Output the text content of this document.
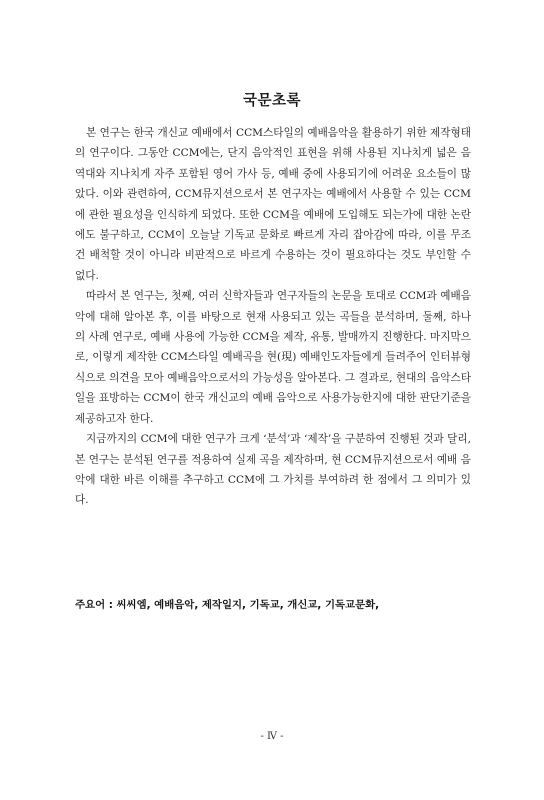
국문초록

본 연구는 한국 개신교 예배에서 CCM스타일의 예배음악을 활용하기 위한 제작형태의 연구이다. 그동안 CCM에는, 단지 음악적인 표현을 위해 사용된 지나치게 넓은 음역대와 지나치게 자주 포함된 영어 가사 등, 예배 중에 사용되기에 어려운 요소들이 많았다. 이와 관련하여, CCM뮤지션으로서 본 연구자는 예배에서 사용할 수 있는 CCM에 관한 필요성을 인식하게 되었다. 또한 CCM을 예배에 도입해도 되는가에 대한 논란에도 불구하고, CCM이 오늘날 기독교 문화로 빠르게 자리 잡아감에 따라, 이를 무조건 배척할 것이 아니라 비판적으로 바르게 수용하는 것이 필요하다는 것도 부인할 수 없다.

따라서 본 연구는, 첫째, 여러 신학자들과 연구자들의 논문을 토대로 CCM과 예배음악에 대해 알아본 후, 이를 바탕으로 현재 사용되고 있는 곡들을 분석하며, 둘째, 하나의 사례 연구로, 예배 사용에 가능한 CCM을 제작, 유통, 발매까지 진행한다. 마지막으로, 이렇게 제작한 CCM스타일 예배곡을 현(現) 예배인도자들에게 들려주어 인터뷰형식으로 의견을 모아 예배음악으로서의 가능성을 알아본다. 그 결과로, 현대의 음악스타일을 표방하는 CCM이 한국 개신교의 예배 음악으로 사용가능한지에 대한 판단기준을 제공하고자 한다.

지금까지의 CCM에 대한 연구가 크게 ‘분석’과 ‘제작’을 구분하여 진행된 것과 달리, 본 연구는 분석된 연구를 적용하여 실제 곡을 제작하며, 현 CCM뮤지션으로서 예배 음악에 대한 바른 이해를 추구하고 CCM에 그 가치를 부여하려 한 점에서 그 의미가 있다.

주요어 : 씨씨엠, 예배음악, 제작일지, 기독교, 개신교, 기독교문화,
- Ⅳ -
